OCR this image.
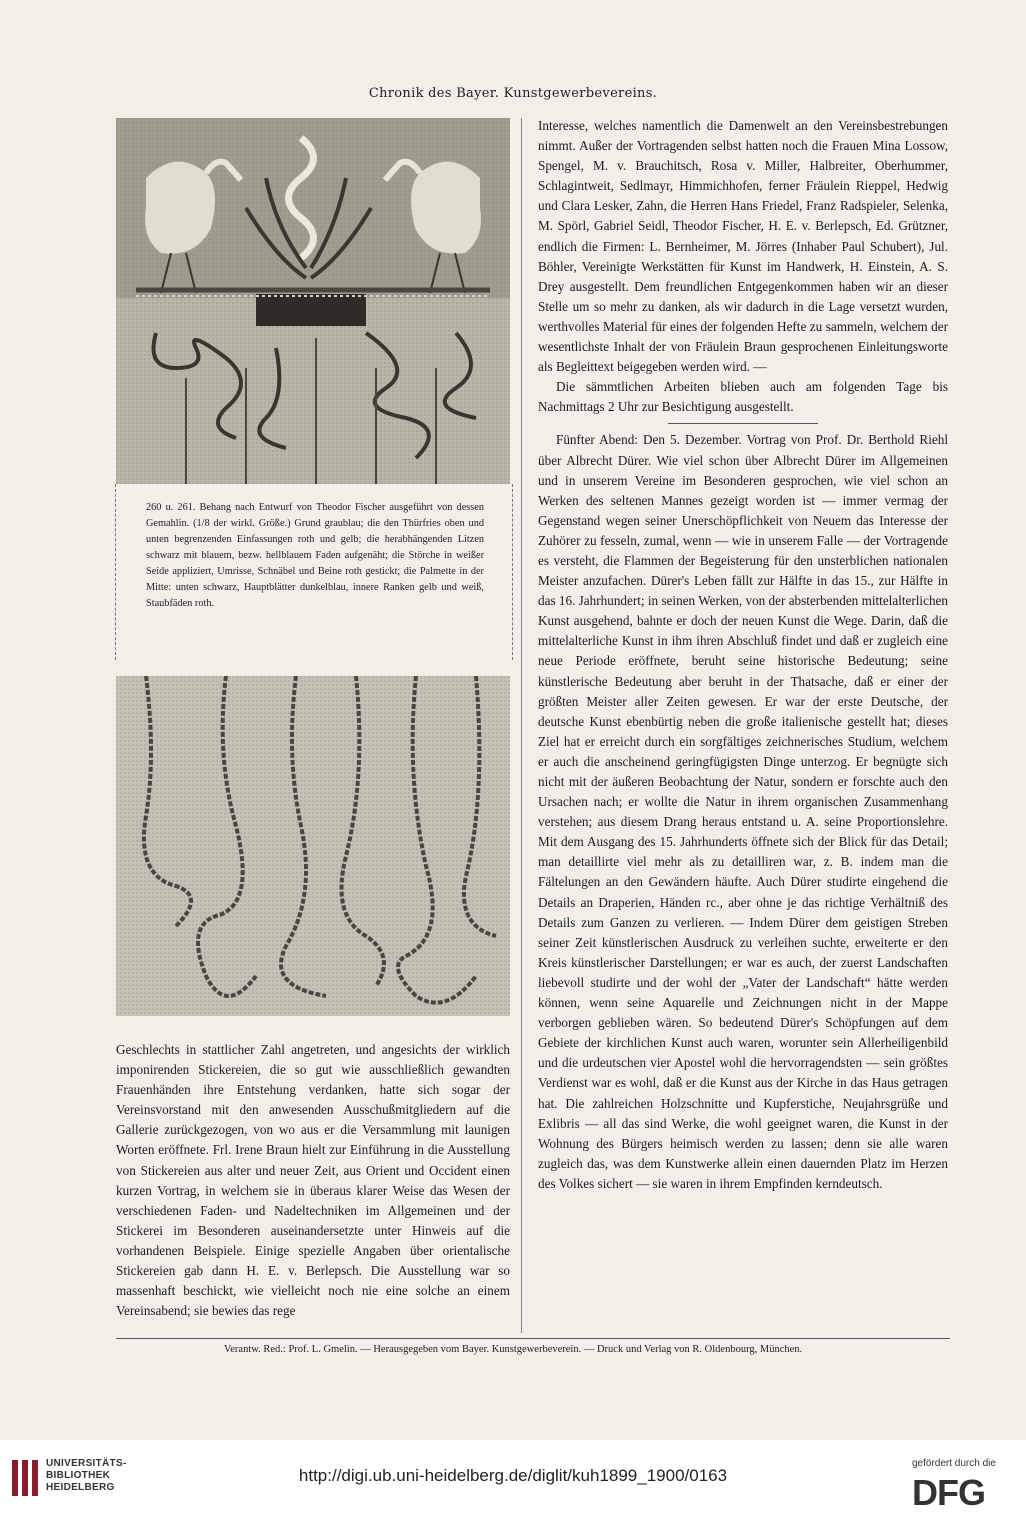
Chronik des Bayer. Kunstgewerbevereins.
260 u. 261. Behang nach Entwurf von Theodor Fischer ausgeführt von dessen Gemahlin. (1/8 der wirkl. Größe.) Grund graublau; die den Thürfries oben und unten begrenzenden Einfassungen roth und gelb; die herabhängenden Litzen schwarz mit blauem, bezw. hellblauem Faden aufgenäht; die Störche in weißer Seide appliziert, Umrisse, Schnäbel und Beine roth gestickt; die Palmette in der Mitte: unten schwarz, Hauptblätter dunkelblau, innere Ranken gelb und weiß, Staubfäden roth.

Geschlechts in stattlicher Zahl angetreten, und angesichts der wirklich imponirenden Stickereien, die so gut wie ausschließlich gewandten Frauenhänden ihre Entstehung verdanken, hatte sich sogar der Vereinsvorstand mit den anwesenden Ausschußmitgliedern auf die Gallerie zurückgezogen, von wo aus er die Versammlung mit launigen Worten eröffnete. Frl. Irene Braun hielt zur Einführung in die Ausstellung von Stickereien aus alter und neuer Zeit, aus Orient und Occident einen kurzen Vortrag, in welchem sie in überaus klarer Weise das Wesen der verschiedenen Faden- und Nadeltechniken im Allgemeinen und der Stickerei im Besonderen auseinandersetzte unter Hinweis auf die vorhandenen Beispiele. Einige spezielle Angaben über orientalische Stickereien gab dann H. E. v. Berlepsch. Die Ausstellung war so massenhaft beschickt, wie vielleicht noch nie eine solche an einem Vereinsabend; sie bewies das rege

Interesse, welches namentlich die Damenwelt an den Vereinsbestrebungen nimmt. Außer der Vortragenden selbst hatten noch die Frauen Mina Lossow, Spengel, M. v. Brauchitsch, Rosa v. Miller, Halbreiter, Oberhummer, Schlagintweit, Sedlmayr, Himmichhofen, ferner Fräulein Rieppel, Hedwig und Clara Lesker, Zahn, die Herren Hans Friedel, Franz Radspieler, Selenka, M. Spörl, Gabriel Seidl, Theodor Fischer, H. E. v. Berlepsch, Ed. Grützner, endlich die Firmen: L. Bernheimer, M. Jörres (Inhaber Paul Schubert), Jul. Böhler, Vereinigte Werkstätten für Kunst im Handwerk, H. Einstein, A. S. Drey ausgestellt. Dem freundlichen Entgegenkommen haben wir an dieser Stelle um so mehr zu danken, als wir dadurch in die Lage versetzt wurden, werthvolles Material für eines der folgenden Hefte zu sammeln, welchem der wesentlichste Inhalt der von Fräulein Braun gesprochenen Einleitungsworte als Begleittext beigegeben werden wird. —

Die sämmtlichen Arbeiten blieben auch am folgenden Tage bis Nachmittags 2 Uhr zur Besichtigung ausgestellt.

Fünfter Abend: Den 5. Dezember. Vortrag von Prof. Dr. Berthold Riehl über Albrecht Dürer. Wie viel schon über Albrecht Dürer im Allgemeinen und in unserem Vereine im Besonderen gesprochen, wie viel schon an Werken des seltenen Mannes gezeigt worden ist — immer vermag der Gegenstand wegen seiner Unerschöpflichkeit von Neuem das Interesse der Zuhörer zu fesseln, zumal, wenn — wie in unserem Falle — der Vortragende es versteht, die Flammen der Begeisterung für den unsterblichen nationalen Meister anzufachen. Dürer's Leben fällt zur Hälfte in das 15., zur Hälfte in das 16. Jahrhundert; in seinen Werken, von der absterbenden mittelalterlichen Kunst ausgehend, bahnte er doch der neuen Kunst die Wege. Darin, daß die mittelalterliche Kunst in ihm ihren Abschluß findet und daß er zugleich eine neue Periode eröffnete, beruht seine historische Bedeutung; seine künstlerische Bedeutung aber beruht in der Thatsache, daß er einer der größten Meister aller Zeiten gewesen. Er war der erste Deutsche, der deutsche Kunst ebenbürtig neben die große italienische gestellt hat; dieses Ziel hat er erreicht durch ein sorgfältiges zeichnerisches Studium, welchem er auch die anscheinend geringfügigsten Dinge unterzog. Er begnügte sich nicht mit der äußeren Beobachtung der Natur, sondern er forschte auch den Ursachen nach; er wollte die Natur in ihrem organischen Zusammenhang verstehen; aus diesem Drang heraus entstand u. A. seine Proportionslehre. Mit dem Ausgang des 15. Jahrhunderts öffnete sich der Blick für das Detail; man detaillirte viel mehr als zu detailliren war, z. B. indem man die Fältelungen an den Gewändern häufte. Auch Dürer studirte eingehend die Details an Draperien, Händen rc., aber ohne je das richtige Verhältniß des Details zum Ganzen zu verlieren. — Indem Dürer dem geistigen Streben seiner Zeit künstlerischen Ausdruck zu verleihen suchte, erweiterte er den Kreis künstlerischer Darstellungen; er war es auch, der zuerst Landschaften liebevoll studirte und der wohl der „Vater der Landschaft“ hätte werden können, wenn seine Aquarelle und Zeichnungen nicht in der Mappe verborgen geblieben wären. So bedeutend Dürer's Schöpfungen auf dem Gebiete der kirchlichen Kunst auch waren, worunter sein Allerheiligenbild und die urdeutschen vier Apostel wohl die hervorragendsten — sein größtes Verdienst war es wohl, daß er die Kunst aus der Kirche in das Haus getragen hat. Die zahlreichen Holzschnitte und Kupferstiche, Neujahrsgrüße und Exlibris — all das sind Werke, die wohl geeignet waren, die Kunst in der Wohnung des Bürgers heimisch werden zu lassen; denn sie alle waren zugleich das, was dem Kunstwerke allein einen dauernden Platz im Herzen des Volkes sichert — sie waren in ihrem Empfinden kerndeutsch.

Verantw. Red.: Prof. L. Gmelin. — Herausgegeben vom Bayer. Kunstgewerbeverein. — Druck und Verlag von R. Oldenbourg, München.
UNIVERSITÄTS-
BIBLIOTHEK
HEIDELBERG
http://digi.ub.uni-heidelberg.de/diglit/kuh1899_1900/0163
gefördert durch die
DFG
